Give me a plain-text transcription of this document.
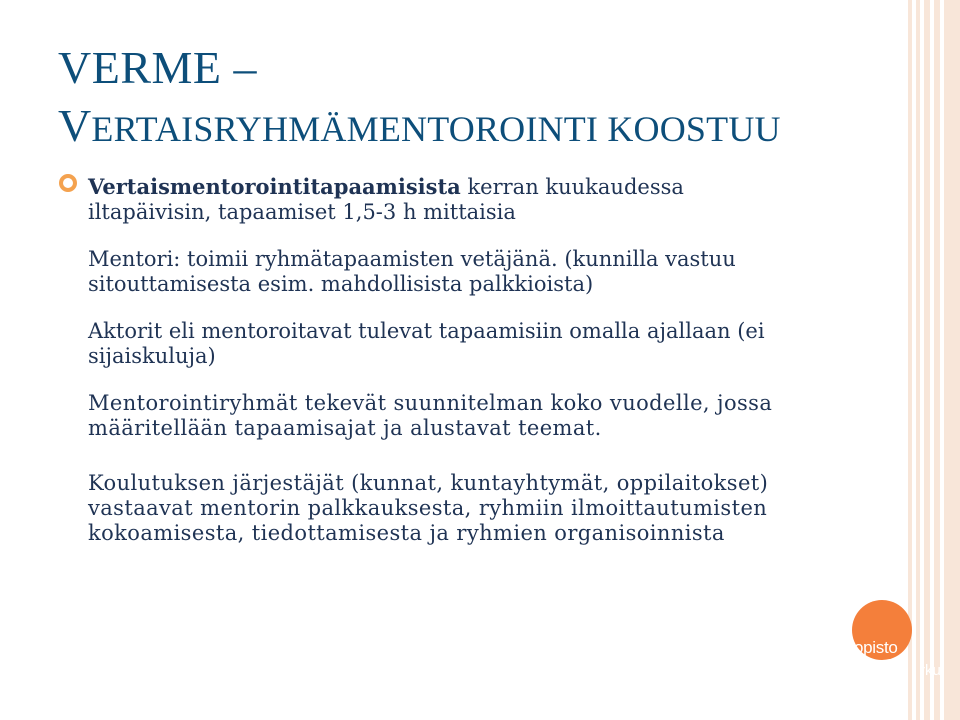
VERME –
VERTAISRYHMÄMENTOROINTI KOOSTUU

Vertaismentorointitapaamisista kerran kuukaudessa
iltapäivisin, tapaamiset 1,5-3 h mittaisia

Mentori: toimii ryhmätapaamisten vetäjänä. (kunnilla vastuu
sitouttamisesta esim. mahdollisista palkkioista)

Aktorit eli mentoroitavat tulevat tapaamisiin omalla ajallaan (ei
sijaiskuluja)

Mentorointiryhmät tekevät suunnitelman koko vuodelle, jossa
määritellään tapaamisajat ja alustavat teemat.

Koulutuksen järjestäjät (kunnat, kuntayhtymät, oppilaitokset)
vastaavat mentorin palkkauksesta, ryhmiin ilmoittautumisten
kokoamisesta, tiedottamisesta ja ryhmien organisoinnista

opisto
rku
